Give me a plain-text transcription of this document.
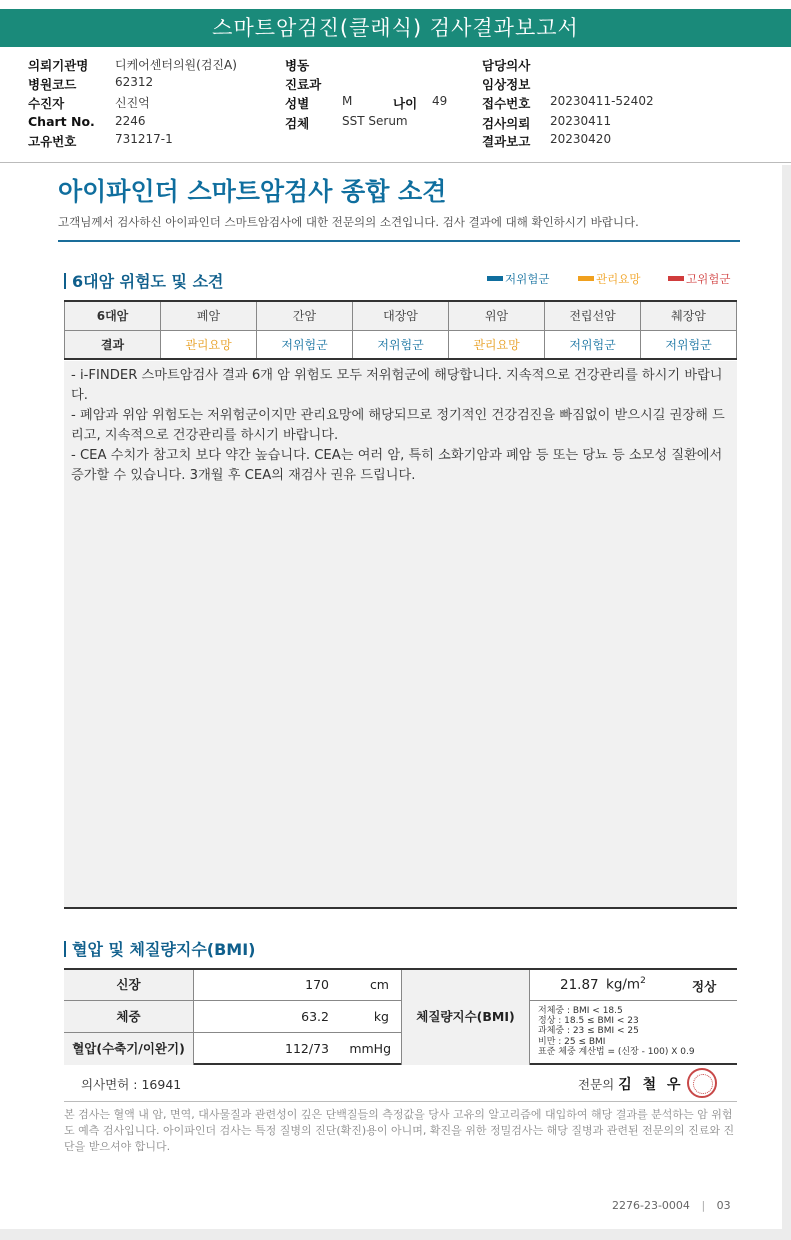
스마트암검진(클래식) 검사결과보고서
의뢰기관명 디케어센터의원(검진A)	병동	담당의사
병원코드	62312	진료과	임상정보
수진자	신진억	성별	M	나이 49	접수번호 20230411-52402
Chart No. 2246	검체	SST Serum	검사의뢰 20230411
고유번호	731217-1	결과보고 20230420
아이파인더 스마트암검사 종합 소견
고객님께서 검사하신 아이파인더 스마트암검사에 대한 전문의의 소견입니다. 검사 결과에 대해 확인하시기 바랍니다.
6대암 위험도 및 소견	저위험군	관리요망	고위험군
6대암	폐암	간암	대장암	위암	전립선암	췌장암
결과	관리요망	저위험군	저위험군	관리요망	저위험군	저위험군
- i-FINDER 스마트암검사 결과 6개 암 위험도 모두 저위험군에 해당합니다. 지속적으로 건강관리를 하시기 바랍니다.
- 폐암과 위암 위험도는 저위험군이지만 관리요망에 해당되므로 정기적인 건강검진을 빠짐없이 받으시길 권장해 드리고, 지속적으로 건강관리를 하시기 바랍니다.
- CEA 수치가 참고치 보다 약간 높습니다. CEA는 여러 암, 특히 소화기암과 폐암 등 또는 당뇨 등 소모성 질환에서 증가할 수 있습니다. 3개월 후 CEA의 재검사 권유 드립니다.
혈압 및 체질량지수(BMI)
신장	170	cm
체중	63.2	kg
혈압(수축기/이완기)	112/73 mmHg
체질량지수(BMI)
21.87 $kg/m^2$	정상
저체중 : BMI < 18.5
정상 : 18.5 ≤ BMI < 23
과체중 : 23 ≤ BMI < 25
비만 : 25 ≤ BMI
표준 체중 계산법 = (신장 - 100) X 0.9
의사면허 : 16941	전문의 김 철 우
본 검사는 혈액 내 암, 면역, 대사물질과 관련성이 깊은 단백질들의 측정값을 당사 고유의 알고리즘에 대입하여 해당 결과를 분석하는 암 위험도 예측 검사입니다. 아이파인더 검사는 특정 질병의 진단(확진)용이 아니며, 확진을 위한 정밀검사는 해당 질병과 관련된 전문의의 진료와 진단을 받으셔야 합니다.
2276-23-0004 | 03
